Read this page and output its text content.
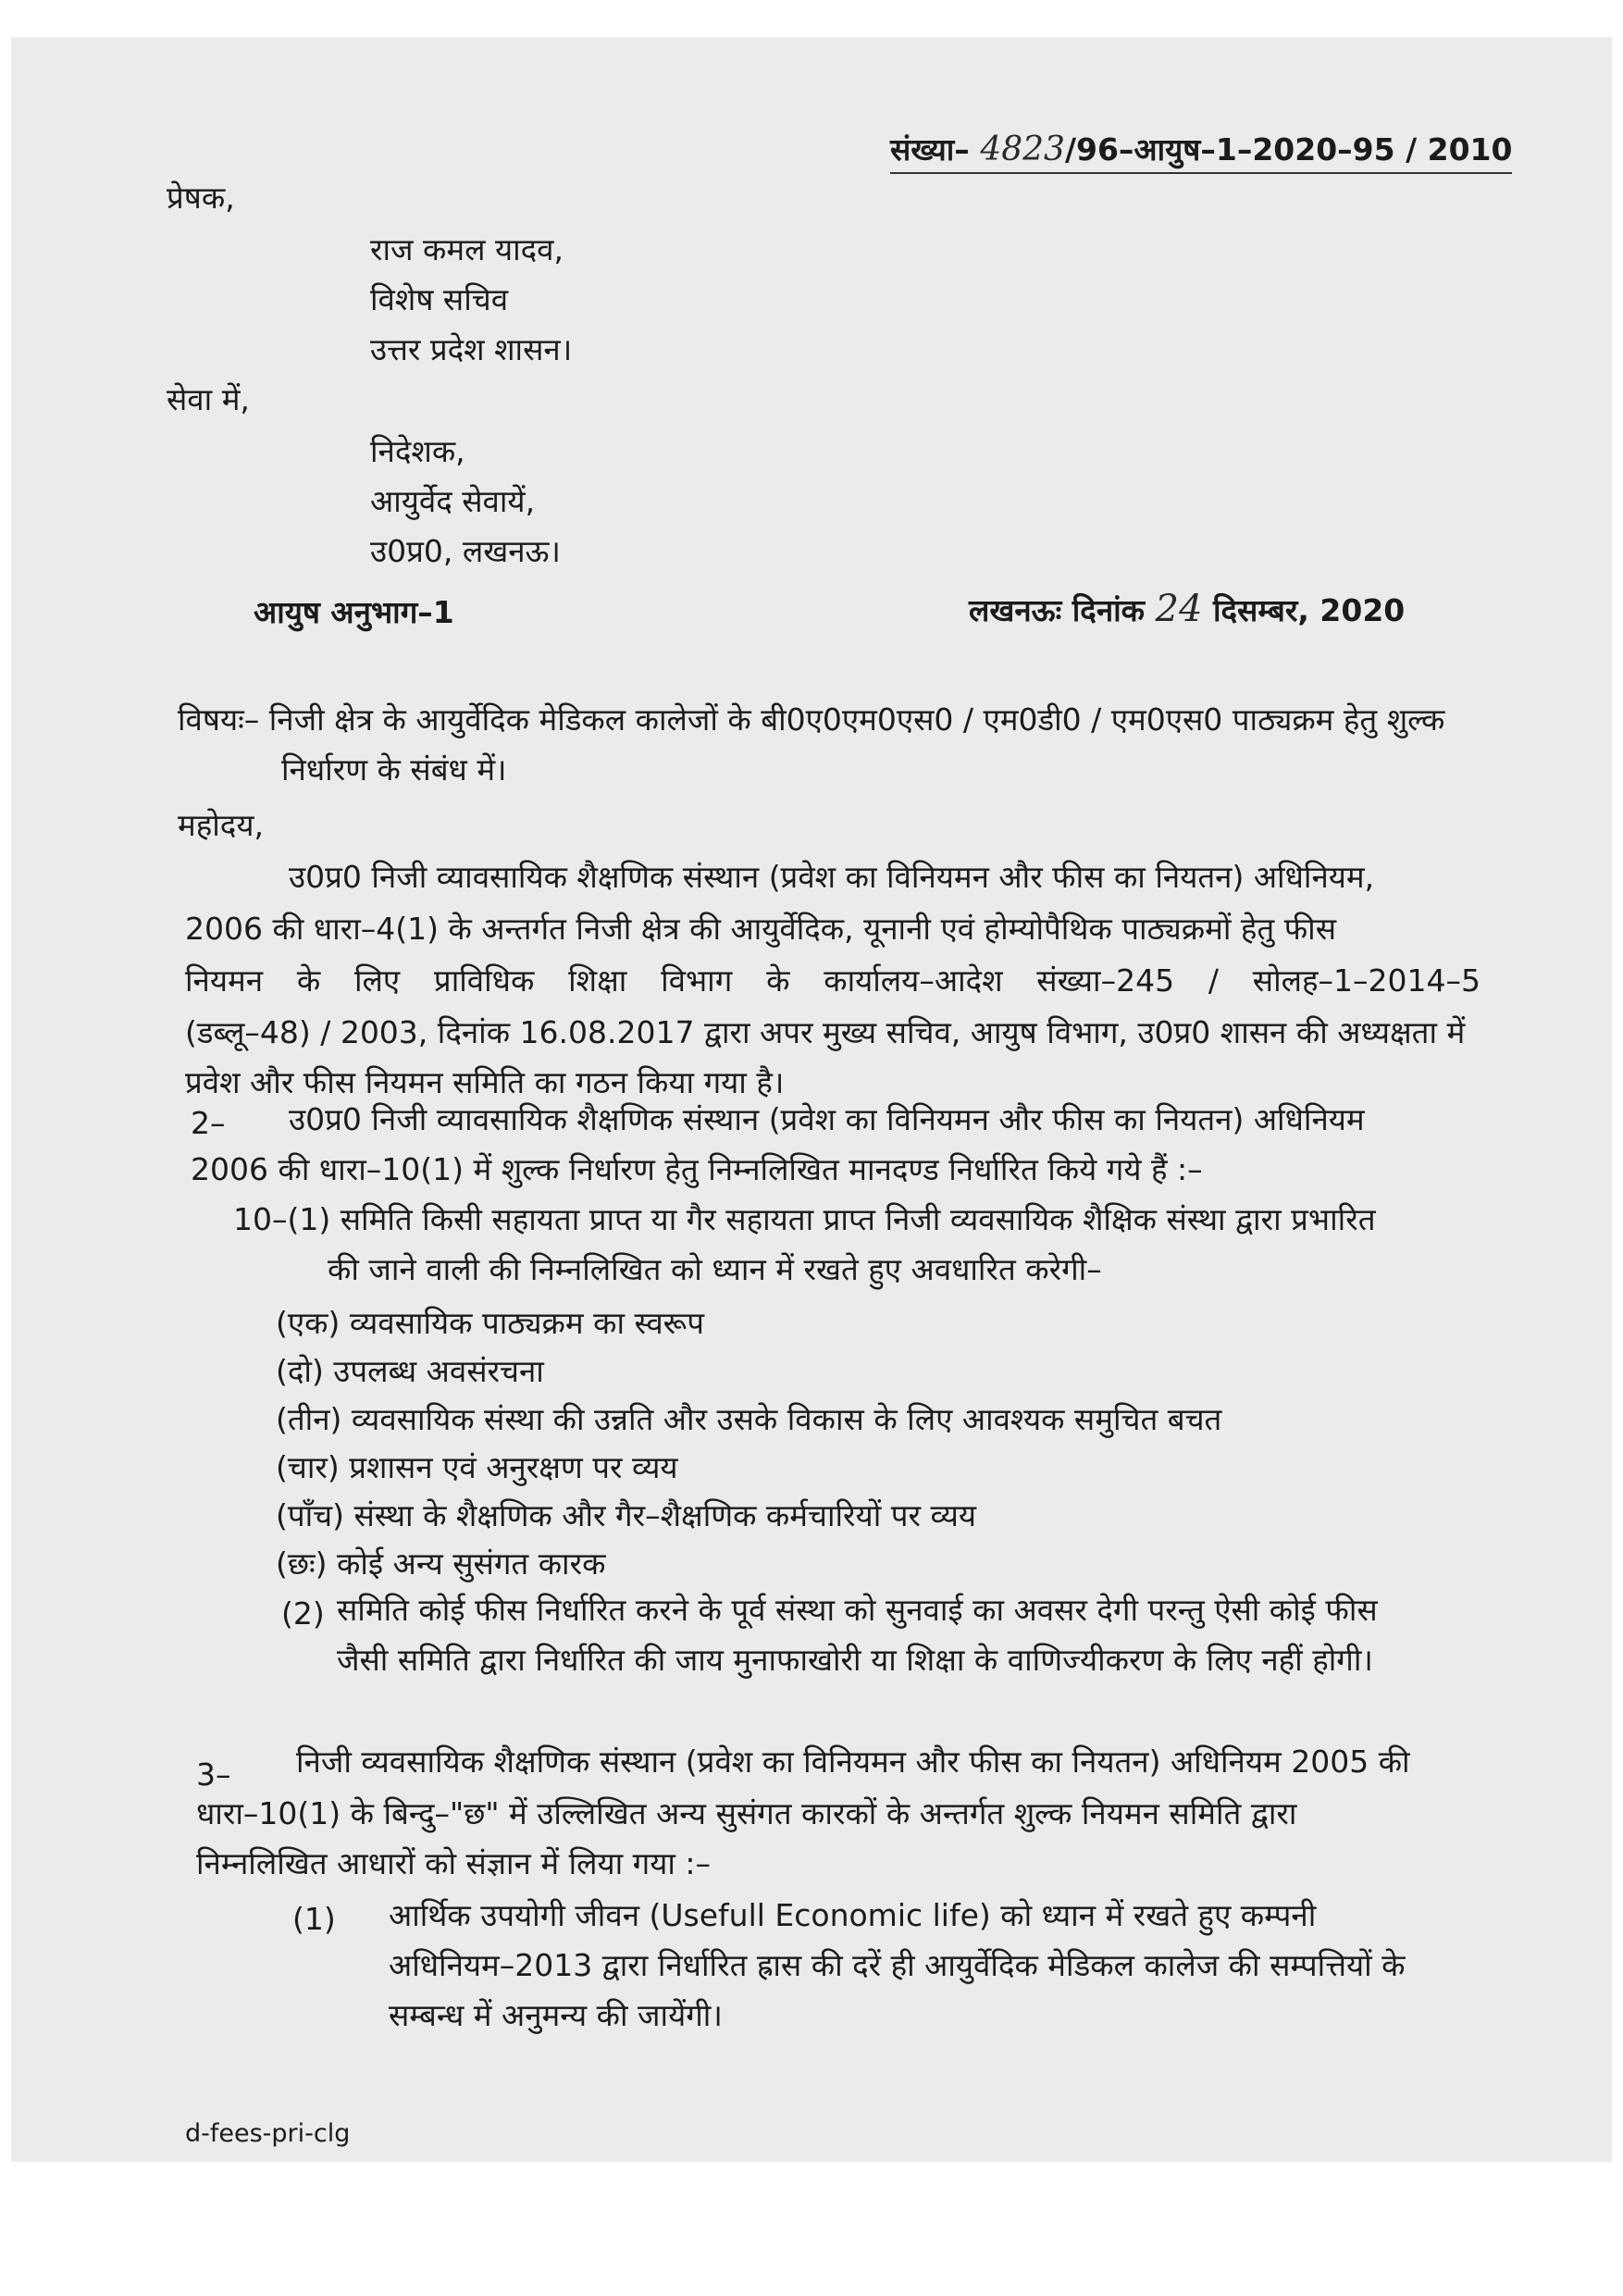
संख्या– 4823/96–आयुष–1–2020–95 / 2010
प्रेषक,
राज कमल यादव,
विशेष सचिव
उत्तर प्रदेश शासन।
सेवा में,
निदेशक,
आयुर्वेद सेवायें,
उ0प्र0, लखनऊ।
आयुष अनुभाग–1	लखनऊः दिनांक 24 दिसम्बर, 2020
विषयः– निजी क्षेत्र के आयुर्वेदिक मेडिकल कालेजों के बी0ए0एम0एस0 / एम0डी0 / एम0एस0 पाठ्यक्रम हेतु शुल्क
निर्धारण के संबंध में।
महोदय,
उ0प्र0 निजी व्यावसायिक शैक्षणिक संस्थान (प्रवेश का विनियमन और फीस का नियतन) अधिनियम,
2006 की धारा–4(1) के अन्तर्गत निजी क्षेत्र की आयुर्वेदिक, यूनानी एवं होम्योपैथिक पाठ्यक्रमों हेतु फीस
नियमन के लिए प्राविधिक शिक्षा विभाग के कार्यालय–आदेश संख्या–245 / सोलह–1–2014–5
(डब्लू–48) / 2003, दिनांक 16.08.2017 द्वारा अपर मुख्य सचिव, आयुष विभाग, उ0प्र0 शासन की अध्यक्षता में
प्रवेश और फीस नियमन समिति का गठन किया गया है।
2– उ0प्र0 निजी व्यावसायिक शैक्षणिक संस्थान (प्रवेश का विनियमन और फीस का नियतन) अधिनियम
2006 की धारा–10(1) में शुल्क निर्धारण हेतु निम्नलिखित मानदण्ड निर्धारित किये गये हैं :–
10–(1) समिति किसी सहायता प्राप्त या गैर सहायता प्राप्त निजी व्यवसायिक शैक्षिक संस्था द्वारा प्रभारित
की जाने वाली की निम्नलिखित को ध्यान में रखते हुए अवधारित करेगी–
(एक) व्यवसायिक पाठ्यक्रम का स्वरूप
(दो) उपलब्ध अवसंरचना
(तीन) व्यवसायिक संस्था की उन्नति और उसके विकास के लिए आवश्यक समुचित बचत
(चार) प्रशासन एवं अनुरक्षण पर व्यय
(पाँच) संस्था के शैक्षणिक और गैर–शैक्षणिक कर्मचारियों पर व्यय
(छः) कोई अन्य सुसंगत कारक
(2) समिति कोई फीस निर्धारित करने के पूर्व संस्था को सुनवाई का अवसर देगी परन्तु ऐसी कोई फीस
जैसी समिति द्वारा निर्धारित की जाय मुनाफाखोरी या शिक्षा के वाणिज्यीकरण के लिए नहीं होगी।
3– निजी व्यवसायिक शैक्षणिक संस्थान (प्रवेश का विनियमन और फीस का नियतन) अधिनियम 2005 की
धारा–10(1) के बिन्दु–"छ" में उल्लिखित अन्य सुसंगत कारकों के अन्तर्गत शुल्क नियमन समिति द्वारा
निम्नलिखित आधारों को संज्ञान में लिया गया :–
(1) आर्थिक उपयोगी जीवन (Usefull Economic life) को ध्यान में रखते हुए कम्पनी
अधिनियम–2013 द्वारा निर्धारित ह्रास की दरें ही आयुर्वेदिक मेडिकल कालेज की सम्पत्तियों के
सम्बन्ध में अनुमन्य की जायेंगी।
d-fees-pri-clg
